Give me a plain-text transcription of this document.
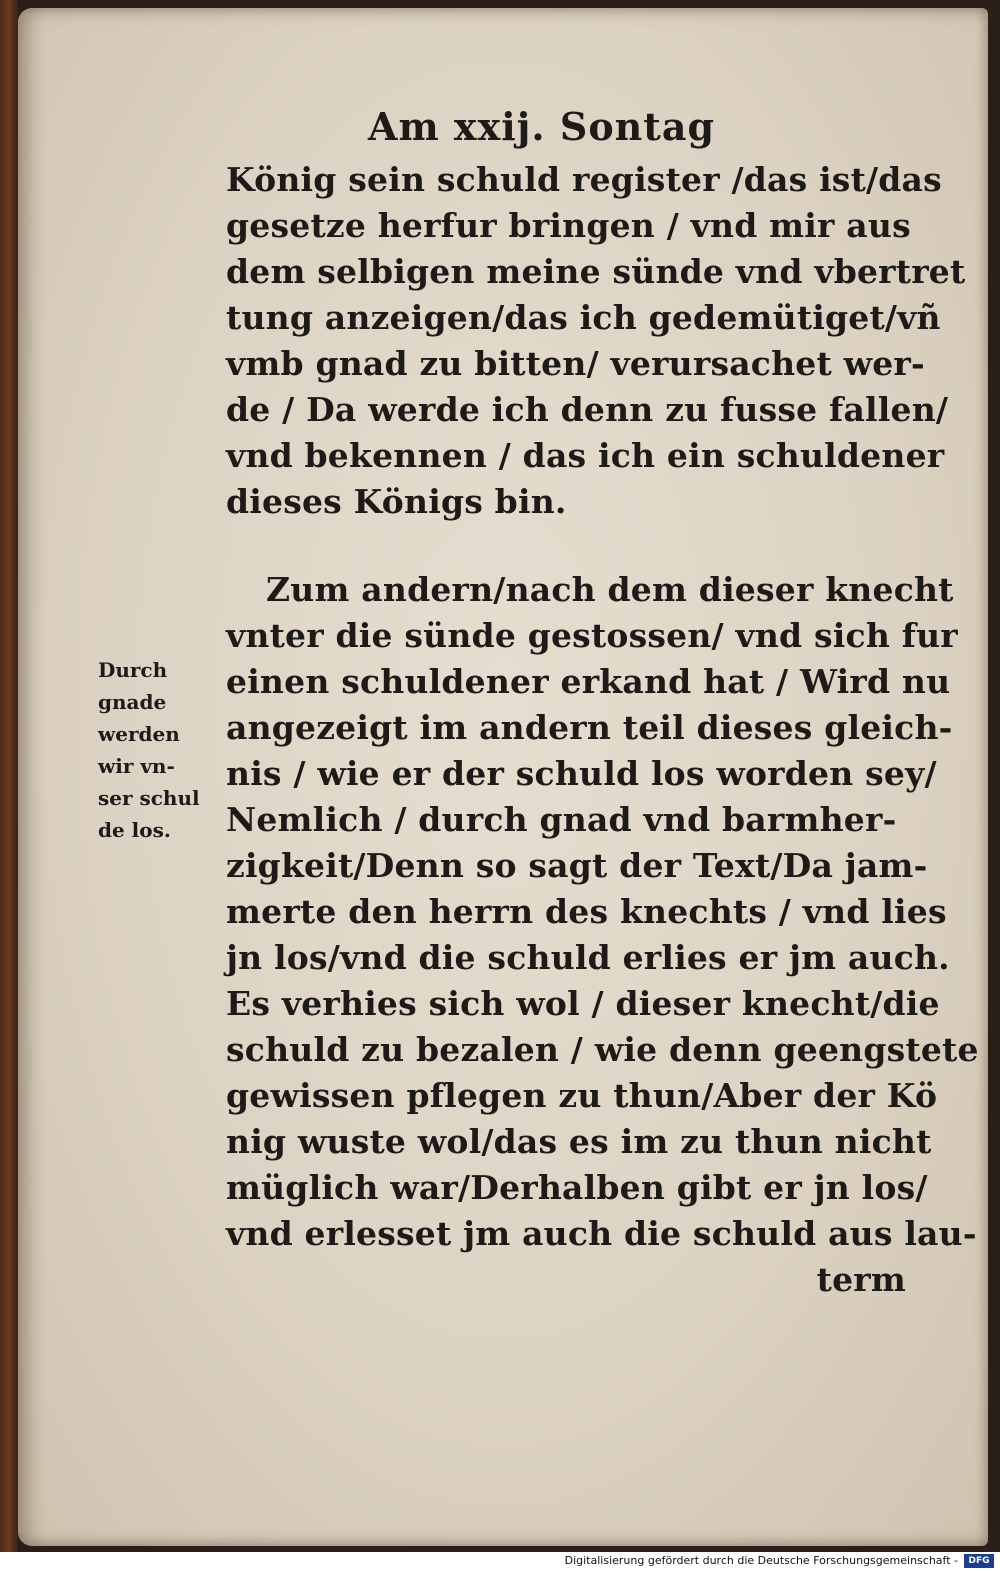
Am xxij. Sontag
König sein schuld register /das ist/das
gesetze herfur bringen / vnd mir aus
dem selbigen meine sünde vnd vbertret
tung anzeigen/das ich gedemütiget/vñ
vmb gnad zu bitten/ verursachet wer-
de / Da werde ich denn zu fusse fallen/
vnd bekennen / das ich ein schuldener
dieses Königs bin.
Zum andern/nach dem dieser knecht
vnter die sünde gestossen/ vnd sich fur
einen schuldener erkand hat / Wird nu
angezeigt im andern teil dieses gleich-
nis / wie er der schuld los worden sey/
Nemlich / durch gnad vnd barmher-
zigkeit/Denn so sagt der Text/Da jam-
merte den herrn des knechts / vnd lies
jn los/vnd die schuld erlies er jm auch.
Es verhies sich wol / dieser knecht/die
schuld zu bezalen / wie denn geengstete
gewissen pflegen zu thun/Aber der Kö
nig wuste wol/das es im zu thun nicht
müglich war/Derhalben gibt er jn los/
vnd erlesset jm auch die schuld aus lau-
term
Durch
gnade
werden
wir vn-
ser schul
de los.
Digitalisierung gefördert durch die Deutsche Forschungsgemeinschaft -	DFG
